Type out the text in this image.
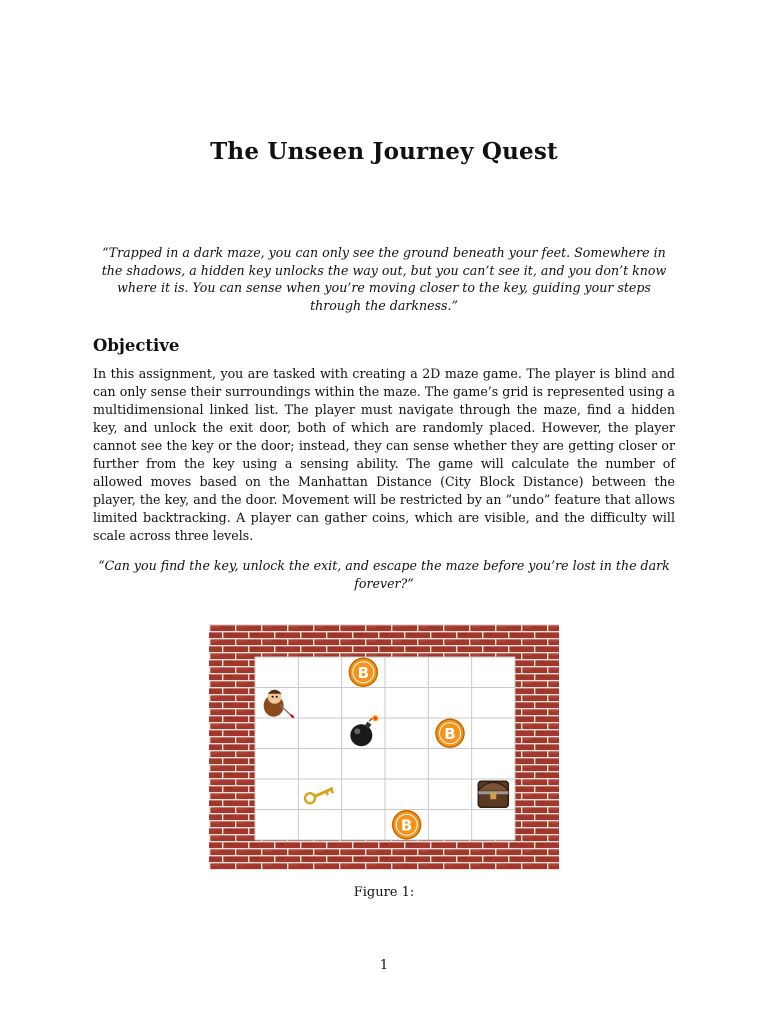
The Unseen Journey Quest
“Trapped in a dark maze, you can only see the ground beneath your feet. Somewhere in the shadows, a hidden key unlocks the way out, but you can’t see it, and you don’t know where it is. You can sense when you’re moving closer to the key, guiding your steps through the darkness.”
Objective
In this assignment, you are tasked with creating a 2D maze game. The player is blind and can only sense their surroundings within the maze. The game’s grid is represented using a multidimensional linked list. The player must navigate through the maze, find a hidden key, and unlock the exit door, both of which are randomly placed. However, the player cannot see the key or the door; instead, they can sense whether they are getting closer or further from the key using a sensing ability. The game will calculate the number of allowed moves based on the Manhattan Distance (City Block Distance) between the player, the key, and the door. Movement will be restricted by an ”undo” feature that allows limited backtracking. A player can gather coins, which are visible, and the difficulty will scale across three levels.
“Can you find the key, unlock the exit, and escape the maze before you’re lost in the dark forever?”
B
B
B
Figure 1:
1
